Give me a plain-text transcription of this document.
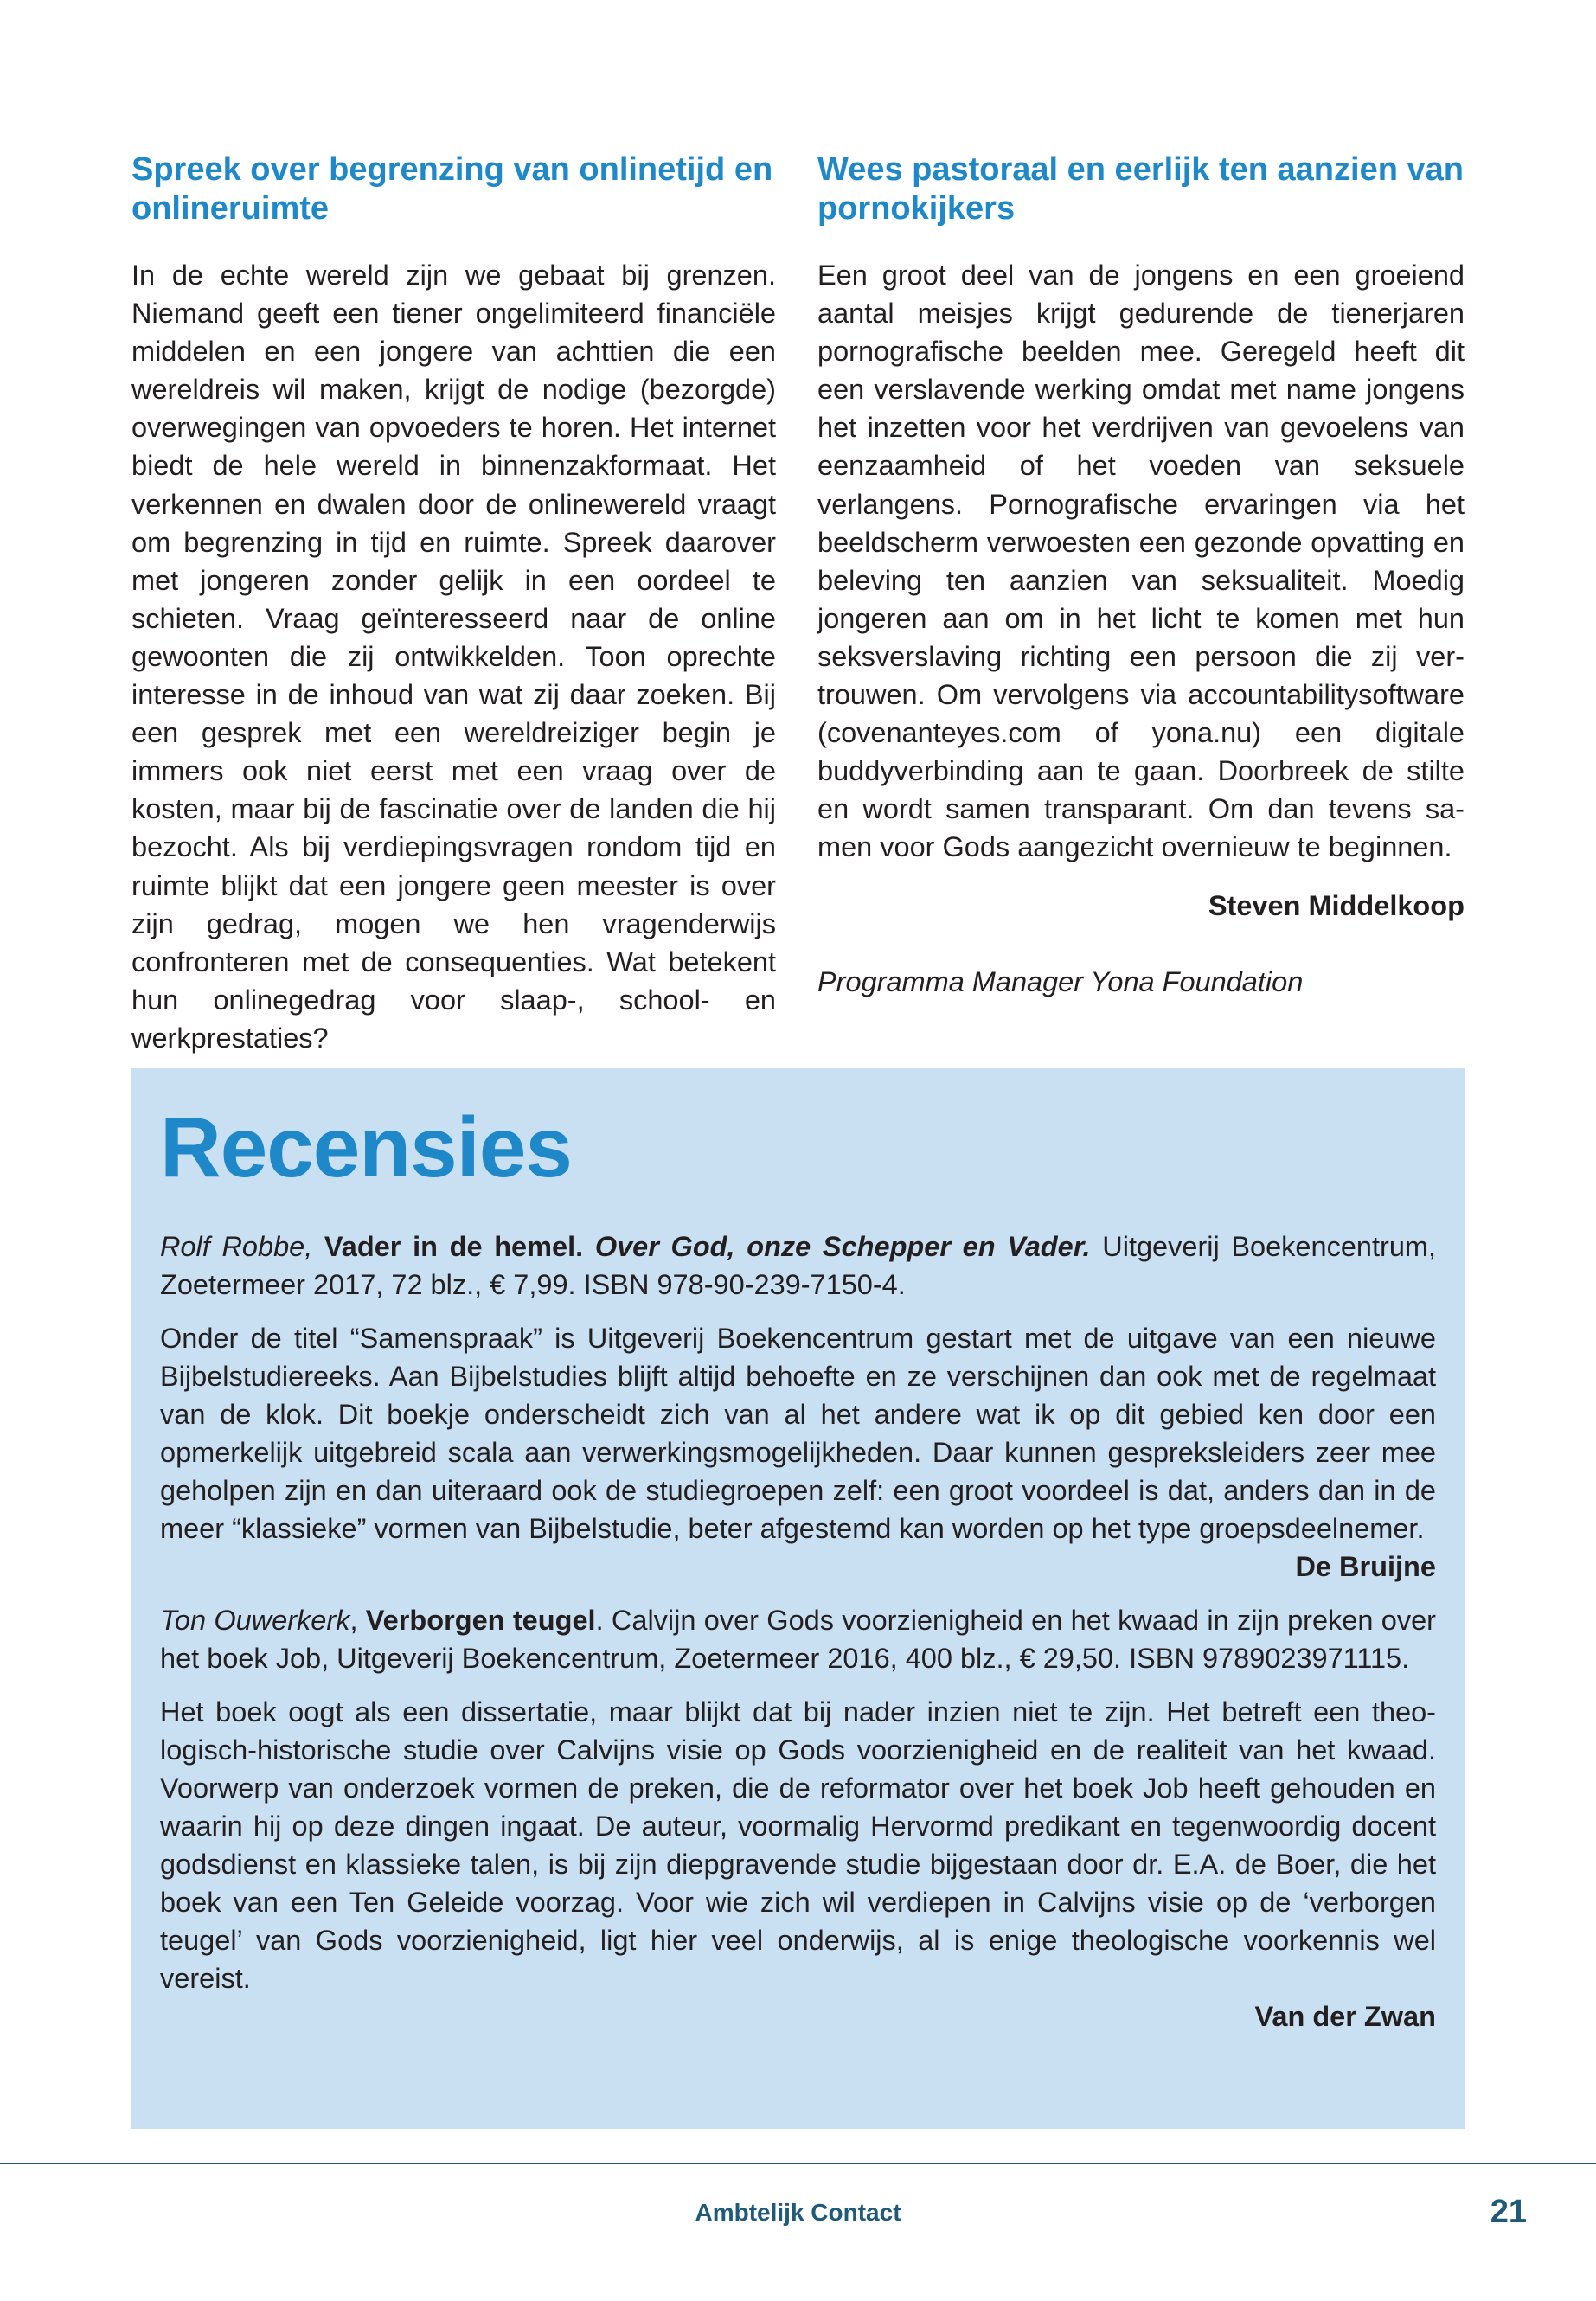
Spreek over begrenzing van onlinetijd en onlineruimte

In de echte wereld zijn we gebaat bij grenzen. Niemand geeft een tiener ongelimiteerd financiële middelen en een jongere van achttien die een wereldreis wil maken, krijgt de nodige (bezorgde) overwegingen van opvoeders te horen. Het internet biedt de hele wereld in binnenzakformaat. Het verkennen en dwalen door de onlinewereld vraagt om begrenzing in tijd en ruimte. Spreek daarover met jongeren zonder gelijk in een oordeel te schieten. Vraag geïnteresseerd naar de online gewoonten die zij ontwikkelden. Toon oprechte interesse in de inhoud van wat zij daar zoeken. Bij een gesprek met een wereldreiziger begin je immers ook niet eerst met een vraag over de kosten, maar bij de fascinatie over de landen die hij bezocht. Als bij verdiepingsvragen rondom tijd en ruimte blijkt dat een jongere geen meester is over zijn gedrag, mogen we hen vragenderwijs confronteren met de consequenties. Wat betekent hun onlinegedrag voor slaap-, school- en werkprestaties?

Wees pastoraal en eerlijk ten aanzien van pornokijkers

Een groot deel van de jongens en een groeiend aantal meisjes krijgt gedurende de tienerjaren pornografische beelden mee. Geregeld heeft dit een verslavende werking omdat met name jongens het inzetten voor het verdrijven van gevoelens van eenzaamheid of het voeden van seksuele verlangens. Pornografische ervaringen via het beeldscherm verwoesten een gezonde opvatting en beleving ten aanzien van seksualiteit. Moedig jongeren aan om in het licht te komen met hun seksverslaving richting een persoon die zij vertrouwen. Om vervolgens via accountabilitysoftware (covenanteyes.com of yona.nu) een digitale buddyverbinding aan te gaan. Doorbreek de stilte en wordt samen transparant. Om dan tevens samen voor Gods aangezicht overnieuw te beginnen.

Steven Middelkoop

Programma Manager Yona Foundation

Recensies

Rolf Robbe, Vader in de hemel. Over God, onze Schepper en Vader. Uitgeverij Boekencentrum, Zoetermeer 2017, 72 blz., € 7,99. ISBN 978-90-239-7150-4.

Onder de titel “Samenspraak” is Uitgeverij Boekencentrum gestart met de uitgave van een nieuwe Bijbelstudiereeks. Aan Bijbelstudies blijft altijd behoefte en ze verschijnen dan ook met de regelmaat van de klok. Dit boekje onderscheidt zich van al het andere wat ik op dit gebied ken door een opmerkelijk uitgebreid scala aan verwerkingsmogelijkheden. Daar kunnen gespreksleiders zeer mee geholpen zijn en dan uiteraard ook de studiegroepen zelf: een groot voordeel is dat, anders dan in de meer “klassieke” vormen van Bijbelstudie, beter afgestemd kan worden op het type groepsdeelnemer.

De Bruijne

Ton Ouwerkerk, Verborgen teugel. Calvijn over Gods voorzienigheid en het kwaad in zijn preken over het boek Job, Uitgeverij Boekencentrum, Zoetermeer 2016, 400 blz., € 29,50. ISBN 9789023971115.

Het boek oogt als een dissertatie, maar blijkt dat bij nader inzien niet te zijn. Het betreft een theologisch-historische studie over Calvijns visie op Gods voorzienigheid en de realiteit van het kwaad. Voorwerp van onderzoek vormen de preken, die de reformator over het boek Job heeft gehouden en waarin hij op deze dingen ingaat. De auteur, voormalig Hervormd predikant en tegenwoordig docent godsdienst en klassieke talen, is bij zijn diepgravende studie bijgestaan door dr. E.A. de Boer, die het boek van een Ten Geleide voorzag. Voor wie zich wil verdiepen in Calvijns visie op de ‘verborgen teugel’ van Gods voorzienigheid, ligt hier veel onderwijs, al is enige theologische voorkennis wel vereist.

Van der Zwan

Ambtelijk Contact	21
